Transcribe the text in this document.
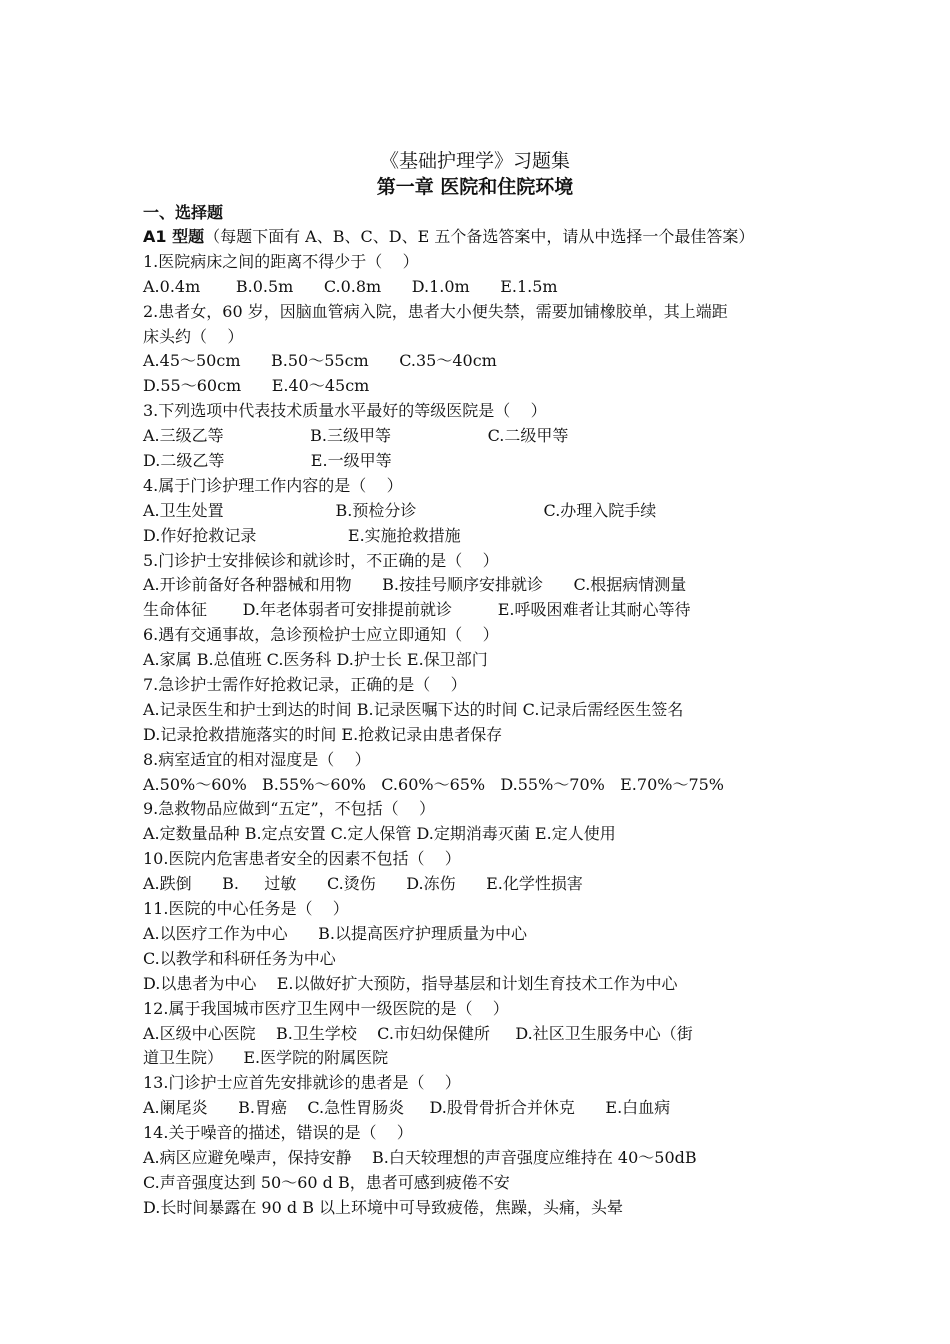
《基础护理学》习题集
第一章 医院和住院环境
一、选择题
A1 型题（每题下面有 A、B、C、D、E 五个备选答案中，请从中选择一个最佳答案）
1.医院病床之间的距离不得少于（    ）
A.0.4m       B.0.5m      C.0.8m      D.1.0m      E.1.5m
2.患者女，60 岁，因脑血管病入院，患者大小便失禁，需要加铺橡胶单，其上端距
床头约（    ）
A.45～50cm      B.50～55cm      C.35～40cm
D.55～60cm      E.40～45cm
3.下列选项中代表技术质量水平最好的等级医院是（    ）
A.三级乙等                 B.三级甲等                   C.二级甲等
D.二级乙等                 E.一级甲等
4.属于门诊护理工作内容的是（    ）
A.卫生处置                      B.预检分诊                         C.办理入院手续
D.作好抢救记录                  E.实施抢救措施
5.门诊护士安排候诊和就诊时，不正确的是（    ）
A.开诊前备好各种器械和用物      B.按挂号顺序安排就诊      C.根据病情测量
生命体征       D.年老体弱者可安排提前就诊         E.呼吸困难者让其耐心等待
6.遇有交通事故，急诊预检护士应立即通知（    ）
A.家属 B.总值班 C.医务科 D.护士长 E.保卫部门
7.急诊护士需作好抢救记录，正确的是（    ）
A.记录医生和护士到达的时间 B.记录医嘱下达的时间 C.记录后需经医生签名
D.记录抢救措施落实的时间 E.抢救记录由患者保存
8.病室适宜的相对湿度是（    ）
A.50%～60%   B.55%～60%   C.60%～65%   D.55%～70%   E.70%～75%
9.急救物品应做到“五定”，不包括（    ）
A.定数量品种 B.定点安置 C.定人保管 D.定期消毒灭菌 E.定人使用
10.医院内危害患者安全的因素不包括（    ）
A.跌倒      B.     过敏      C.烫伤      D.冻伤      E.化学性损害
11.医院的中心任务是（    ）
A.以医疗工作为中心      B.以提高医疗护理质量为中心
C.以教学和科研任务为中心
D.以患者为中心    E.以做好扩大预防，指导基层和计划生育技术工作为中心
12.属于我国城市医疗卫生网中一级医院的是（    ）
A.区级中心医院    B.卫生学校    C.市妇幼保健所     D.社区卫生服务中心（街
道卫生院）    E.医学院的附属医院
13.门诊护士应首先安排就诊的患者是（    ）
A.阑尾炎      B.胃癌    C.急性胃肠炎     D.股骨骨折合并休克      E.白血病
14.关于噪音的描述，错误的是（    ）
A.病区应避免噪声，保持安静    B.白天较理想的声音强度应维持在 40～50dB
C.声音强度达到 50～60 d B，患者可感到疲倦不安
D.长时间暴露在 90 d B 以上环境中可导致疲倦，焦躁，头痛，头晕
